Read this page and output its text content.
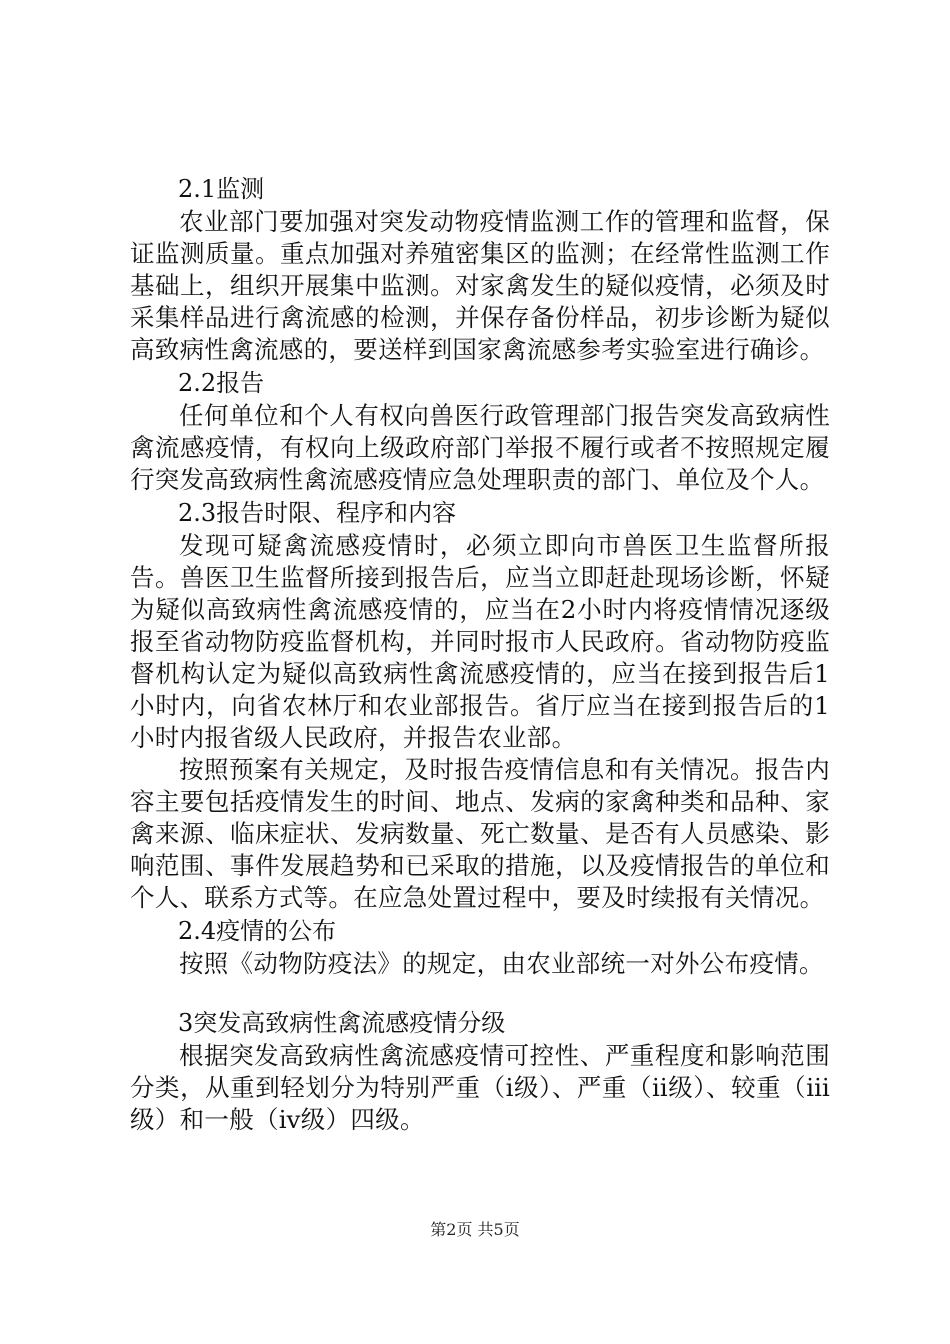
2.1监测

农业部门要加强对突发动物疫情监测工作的管理和监督，保证监测质量。重点加强对养殖密集区的监测；在经常性监测工作基础上，组织开展集中监测。对家禽发生的疑似疫情，必须及时采集样品进行禽流感的检测，并保存备份样品，初步诊断为疑似高致病性禽流感的，要送样到国家禽流感参考实验室进行确诊。

2.2报告

任何单位和个人有权向兽医行政管理部门报告突发高致病性禽流感疫情，有权向上级政府部门举报不履行或者不按照规定履行突发高致病性禽流感疫情应急处理职责的部门、单位及个人。

2.3报告时限、程序和内容

发现可疑禽流感疫情时，必须立即向市兽医卫生监督所报告。兽医卫生监督所接到报告后，应当立即赶赴现场诊断，怀疑为疑似高致病性禽流感疫情的，应当在2小时内将疫情情况逐级报至省动物防疫监督机构，并同时报市人民政府。省动物防疫监督机构认定为疑似高致病性禽流感疫情的，应当在接到报告后1小时内，向省农林厅和农业部报告。省厅应当在接到报告后的1小时内报省级人民政府，并报告农业部。

按照预案有关规定，及时报告疫情信息和有关情况。报告内容主要包括疫情发生的时间、地点、发病的家禽种类和品种、家禽来源、临床症状、发病数量、死亡数量、是否有人员感染、影响范围、事件发展趋势和已采取的措施，以及疫情报告的单位和个人、联系方式等。在应急处置过程中，要及时续报有关情况。

2.4疫情的公布

按照《动物防疫法》的规定，由农业部统一对外公布疫情。

3突发高致病性禽流感疫情分级

根据突发高致病性禽流感疫情可控性、严重程度和影响范围分类，从重到轻划分为特别严重（ⅰ级）、严重（ⅱ级）、较重（ⅲ级）和一般（ⅳ级）四级。

第2页 共5页
